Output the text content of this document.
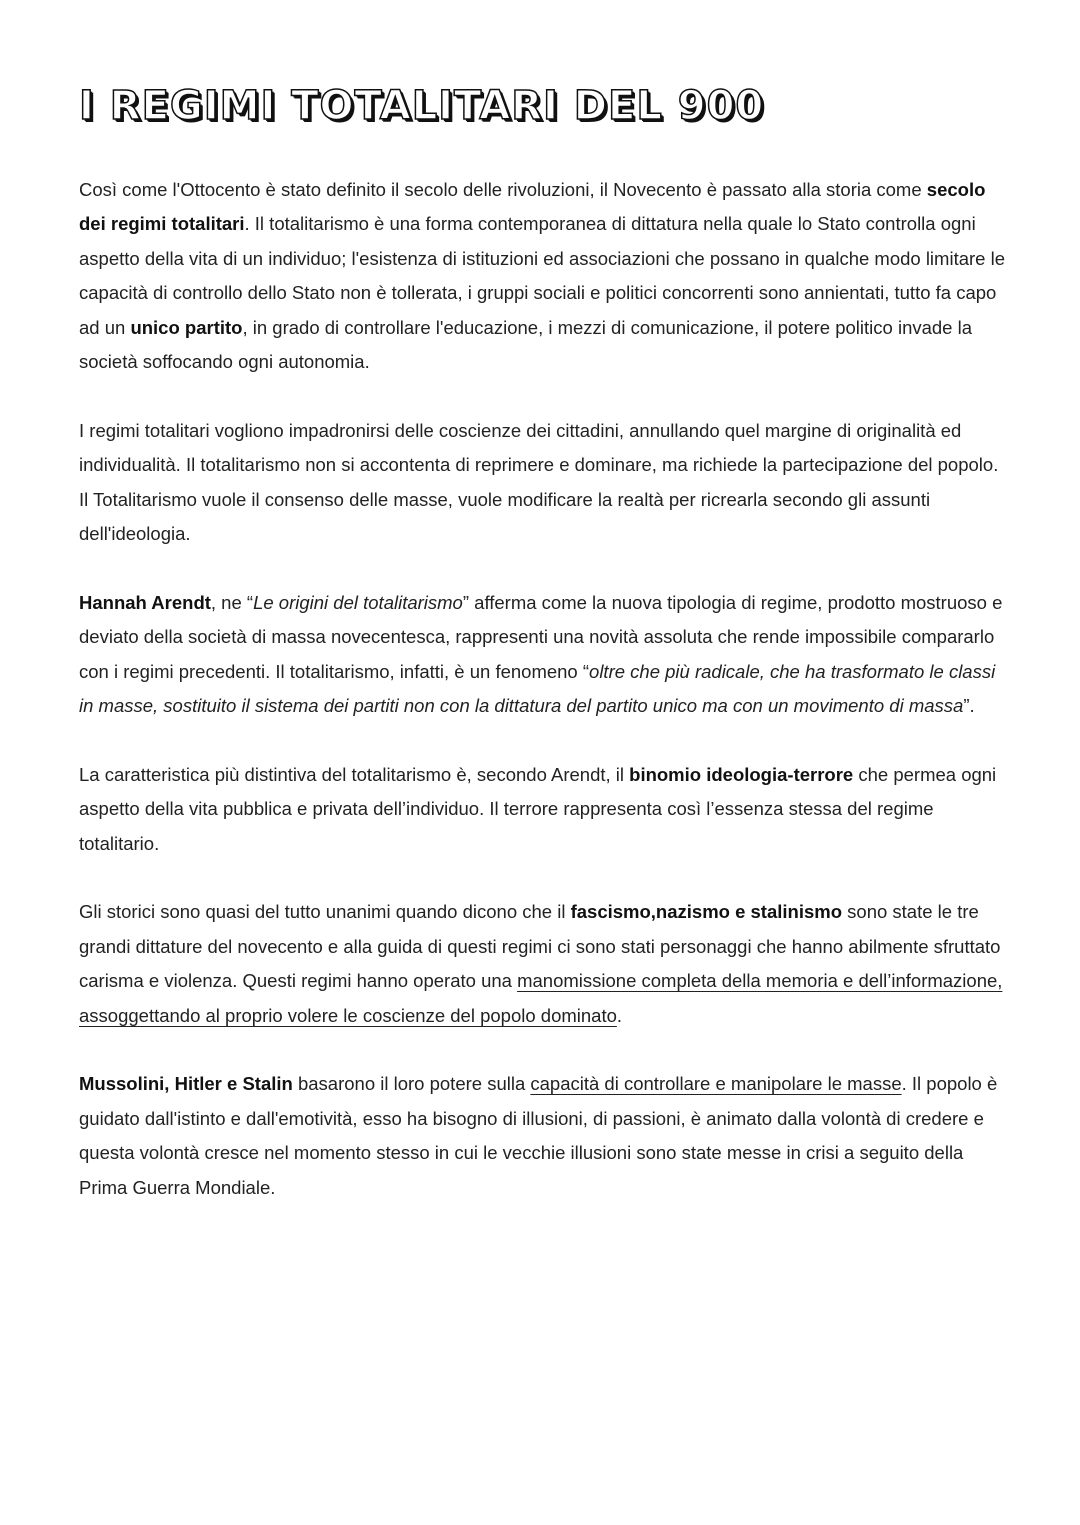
I REGIMI TOTALITARI DEL 900

Così come l'Ottocento è stato definito il secolo delle rivoluzioni, il Novecento è passato alla storia come secolo dei regimi totalitari. Il totalitarismo è una forma contemporanea di dittatura nella quale lo Stato controlla ogni aspetto della vita di un individuo; l'esistenza di istituzioni ed associazioni che possano in qualche modo limitare le capacità di controllo dello Stato non è tollerata, i gruppi sociali e politici concorrenti sono annientati, tutto fa capo ad un unico partito, in grado di controllare l'educazione, i mezzi di comunicazione, il potere politico invade la società soffocando ogni autonomia.

I regimi totalitari vogliono impadronirsi delle coscienze dei cittadini, annullando quel margine di originalità ed individualità. Il totalitarismo non si accontenta di reprimere e dominare, ma richiede la partecipazione del popolo. Il Totalitarismo vuole il consenso delle masse, vuole modificare la realtà per ricrearla secondo gli assunti dell'ideologia.

Hannah Arendt, ne “Le origini del totalitarismo” afferma come la nuova tipologia di regime, prodotto mostruoso e deviato della società di massa novecentesca, rappresenti una novità assoluta che rende impossibile compararlo con i regimi precedenti. Il totalitarismo, infatti, è un fenomeno “oltre che più radicale, che ha trasformato le classi in masse, sostituito il sistema dei partiti non con la dittatura del partito unico ma con un movimento di massa”.

La caratteristica più distintiva del totalitarismo è, secondo Arendt, il binomio ideologia-terrore che permea ogni aspetto della vita pubblica e privata dell’individuo. Il terrore rappresenta così l’essenza stessa del regime totalitario.

Gli storici sono quasi del tutto unanimi quando dicono che il fascismo,nazismo e stalinismo sono state le tre grandi dittature del novecento e alla guida di questi regimi ci sono stati personaggi che hanno abilmente sfruttato carisma e violenza. Questi regimi hanno operato una manomissione completa della memoria e dell’informazione, assoggettando al proprio volere le coscienze del popolo dominato.

Mussolini, Hitler e Stalin basarono il loro potere sulla capacità di controllare e manipolare le masse. Il popolo è guidato dall'istinto e dall'emotività, esso ha bisogno di illusioni, di passioni, è animato dalla volontà di credere e questa volontà cresce nel momento stesso in cui le vecchie illusioni sono state messe in crisi a seguito della Prima Guerra Mondiale.
